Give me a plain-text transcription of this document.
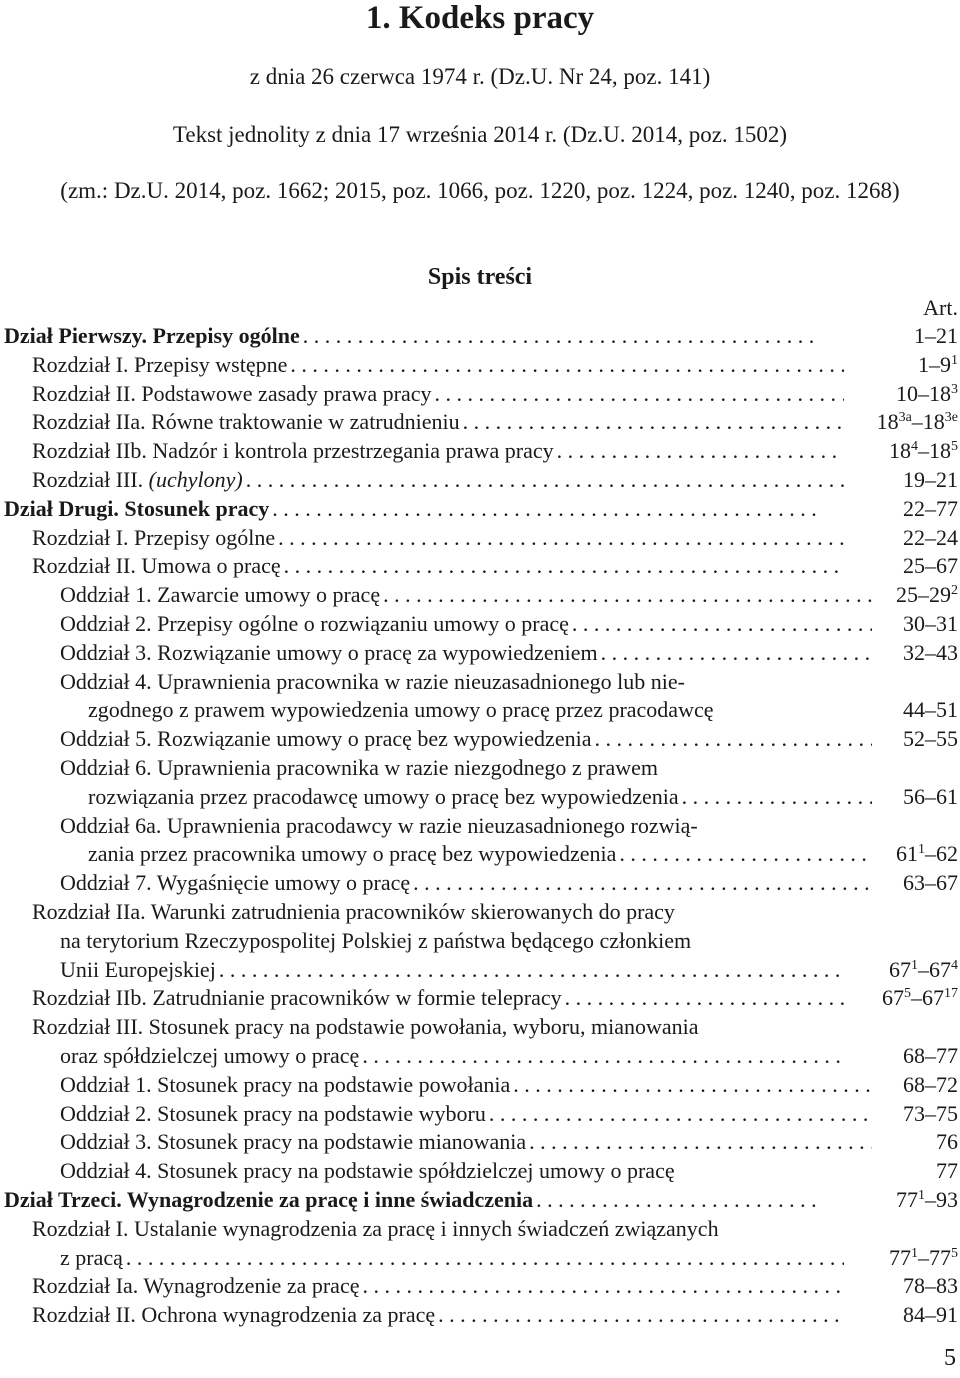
1. Kodeks pracy
z dnia 26 czerwca 1974 r. (Dz.U. Nr 24, poz. 141)
Tekst jednolity z dnia 17 września 2014 r. (Dz.U. 2014, poz. 1502)
(zm.: Dz.U. 2014, poz. 1662; 2015, poz. 1066, poz. 1220, poz. 1224, poz. 1240, poz. 1268)
Spis treści
Art.
Dział Pierwszy. Przepisy ogólne . . .	1–21
Rozdział I. Przepisy wstępne . . .	$1-9^1$
Rozdział II. Podstawowe zasady prawa pracy . . .	$10-18^3$
Rozdział IIa. Równe traktowanie w zatrudnieniu . . .	$18^{3a}-18^{3e}$
Rozdział IIb. Nadzór i kontrola przestrzegania prawa pracy . . .	$18^4-18^5$
Rozdział III. (uchylony) . . .	19–21
Dział Drugi. Stosunek pracy . . .	22–77
Rozdział I. Przepisy ogólne . . .	22–24
Rozdział II. Umowa o pracę . . .	25–67
Oddział 1. Zawarcie umowy o pracę . . .	$25-29^2$
Oddział 2. Przepisy ogólne o rozwiązaniu umowy o pracę . . .	30–31
Oddział 3. Rozwiązanie umowy o pracę za wypowiedzeniem . . .	32–43
Oddział 4. Uprawnienia pracownika w razie nieuzasadnionego lub nie-
zgodnego z prawem wypowiedzenia umowy o pracę przez pracodawcę	44–51
Oddział 5. Rozwiązanie umowy o pracę bez wypowiedzenia . . .	52–55
Oddział 6. Uprawnienia pracownika w razie niezgodnego z prawem
rozwiązania przez pracodawcę umowy o pracę bez wypowiedzenia . . .	56–61
Oddział 6a. Uprawnienia pracodawcy w razie nieuzasadnionego rozwią-
zania przez pracownika umowy o pracę bez wypowiedzenia . . .	$61^1-62$
Oddział 7. Wygaśnięcie umowy o pracę . . .	63–67
Rozdział IIa. Warunki zatrudnienia pracowników skierowanych do pracy
na terytorium Rzeczypospolitej Polskiej z państwa będącego członkiem
Unii Europejskiej . . .	$67^1-67^4$
Rozdział IIb. Zatrudnianie pracowników w formie telepracy . . .	$67^5-67^{17}$
Rozdział III. Stosunek pracy na podstawie powołania, wyboru, mianowania
oraz spółdzielczej umowy o pracę . . .	68–77
Oddział 1. Stosunek pracy na podstawie powołania . . .	68–72
Oddział 2. Stosunek pracy na podstawie wyboru . . .	73–75
Oddział 3. Stosunek pracy na podstawie mianowania . . .	76
Oddział 4. Stosunek pracy na podstawie spółdzielczej umowy o pracę	77
Dział Trzeci. Wynagrodzenie za pracę i inne świadczenia . . .	$77^1-93$
Rozdział I. Ustalanie wynagrodzenia za pracę i innych świadczeń związanych
z pracą . . .	$77^1-77^5$
Rozdział Ia. Wynagrodzenie za pracę . . .	78–83
Rozdział II. Ochrona wynagrodzenia za pracę . . .	84–91
5
